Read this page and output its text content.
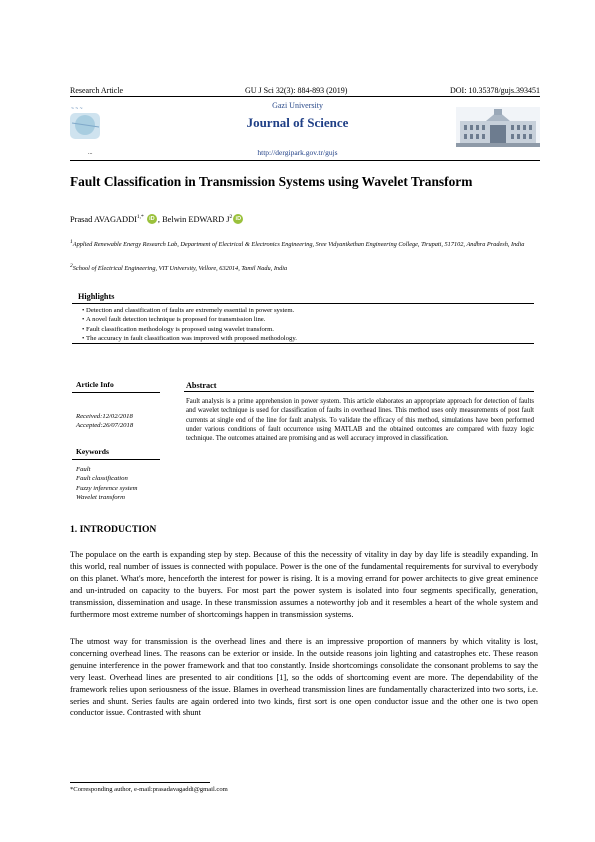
Research Article	GU J Sci 32(3): 884-893 (2019)	DOI: 10.35378/gujs.393451
~ ~ ~
...
Gazi University
Journal of Science
http://dergipark.gov.tr/gujs
Fault Classification in Transmission Systems using Wavelet Transform
Prasad $AVAGADDI^{1,*}$ iD , Belwin EDWARD $J^2$ iD
$^1$Applied Renewable Energy Research Lab, Department of Electrical & Electronics Engineering, Sree Vidyanikethan Engineering College, Tirupati, 517102, Andhra Pradesh, India
$^2$School of Electrical Engineering, VIT University, Vellore, 632014, Tamil Nadu, India
Highlights
• Detection and classification of faults are extremely essential in power system.
• A novel fault detection technique is proposed for transmission line.
• Fault classification methodology is proposed using wavelet transform.
• The accuracy in fault classification was improved with proposed methodology.
Article Info
Received:12/02/2018
Accepted:26/07/2018
Keywords
Fault
Fault classification
Fuzzy inference system
Wavelet transform
Abstract
Fault analysis is a prime apprehension in power system. This article elaborates an appropriate approach for detection of faults and wavelet technique is used for classification of faults in overhead lines. This method uses only measurements of post fault currents at single end of the line for fault analysis. To validate the efficacy of this method, simulations have been performed under various conditions of fault occurrence using MATLAB and the obtained outcomes are compared with fuzzy logic technique. The outcomes attained are promising and as well accuracy improved in classification.
1. INTRODUCTION
The populace on the earth is expanding step by step. Because of this the necessity of vitality in day by day life is steadily expanding. In this world, real number of issues is connected with populace. Power is the one of the fundamental requirements for survival to everybody on this planet. What's more, henceforth the interest for power is rising. It is a moving errand for power architects to give great eminence and un-intruded on capacity to the buyers. For most part the power system is isolated into four segments specifically, generation, transmission, dissemination and usage. In these transmission assumes a noteworthy job and it resembles a heart of the whole system and furthermore most extreme number of shortcomings happen in transmission systems.
The utmost way for transmission is the overhead lines and there is an impressive proportion of manners by which vitality is lost, concerning overhead lines. The reasons can be exterior or inside. In the outside reasons join lighting and catastrophes etc. These reason genuine interference in the power framework and that too constantly. Inside shortcomings consolidate the consonant problems to say the very least. Overhead lines are presented to air conditions [1], so the odds of shortcoming event are more. The dependability of the framework relies upon seriousness of the issue. Blames in overhead transmission lines are fundamentally characterized into two sorts, i.e. series and shunt. Series faults are again ordered into two kinds, first sort is one open conductor issue and the other one is two open conductor issue. Contrasted with shunt
*Corresponding author, e-mail:prasadavagaddi@gmail.com
